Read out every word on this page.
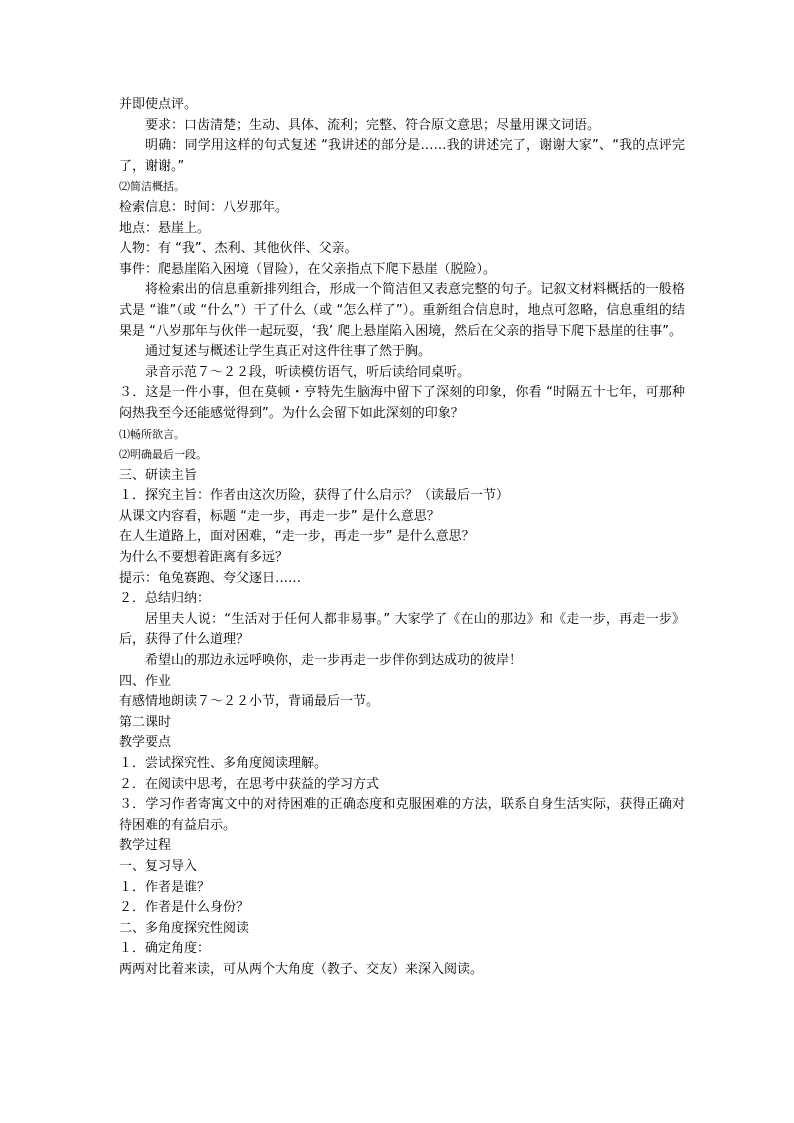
并即使点评。

要求：口齿清楚；生动、具体、流利；完整、符合原文意思；尽量用课文词语。

明确：同学用这样的句式复述 “我讲述的部分是……我的讲述完了，谢谢大家”、“我的点评完了，谢谢。”

⑵简洁概括。

检索信息：时间：八岁那年。

地点：悬崖上。

人物：有 “我”、杰利、其他伙伴、父亲。

事件：爬悬崖陷入困境（冒险），在父亲指点下爬下悬崖（脱险）。

将检索出的信息重新排列组合，形成一个简洁但又表意完整的句子。记叙文材料概括的一般格式是 “谁”（或 “什么”）干了什么（或 “怎么样了”）。重新组合信息时，地点可忽略，信息重组的结果是 “八岁那年与伙伴一起玩耍，‘我’ 爬上悬崖陷入困境，然后在父亲的指导下爬下悬崖的往事”。

通过复述与概述让学生真正对这件往事了然于胸。

录音示范７～２２段，听读模仿语气，听后读给同桌听。

３．这是一件小事，但在莫顿・亨特先生脑海中留下了深刻的印象，你看 “时隔五十七年，可那种闷热我至今还能感觉得到”。为什么会留下如此深刻的印象？

⑴畅所欲言。

⑵明确最后一段。

三、研读主旨

１．探究主旨：作者由这次历险，获得了什么启示？（读最后一节）

从课文内容看，标题 “走一步，再走一步” 是什么意思？

在人生道路上，面对困难，“走一步，再走一步” 是什么意思？

为什么不要想着距离有多远？

提示：龟兔赛跑、夸父逐日……

２．总结归纳：

居里夫人说：“生活对于任何人都非易事。” 大家学了《在山的那边》和《走一步，再走一步》后，获得了什么道理？

希望山的那边永远呼唤你，走一步再走一步伴你到达成功的彼岸！

四、作业

有感情地朗读７～２２小节，背诵最后一节。

第二课时

教学要点

１．尝试探究性、多角度阅读理解。

２．在阅读中思考，在思考中获益的学习方式

３．学习作者寄寓文中的对待困难的正确态度和克服困难的方法，联系自身生活实际，获得正确对待困难的有益启示。

教学过程

一、复习导入

１．作者是谁？

２．作者是什么身份？

二、多角度探究性阅读

１．确定角度：

两两对比着来读，可从两个大角度（教子、交友）来深入阅读。
